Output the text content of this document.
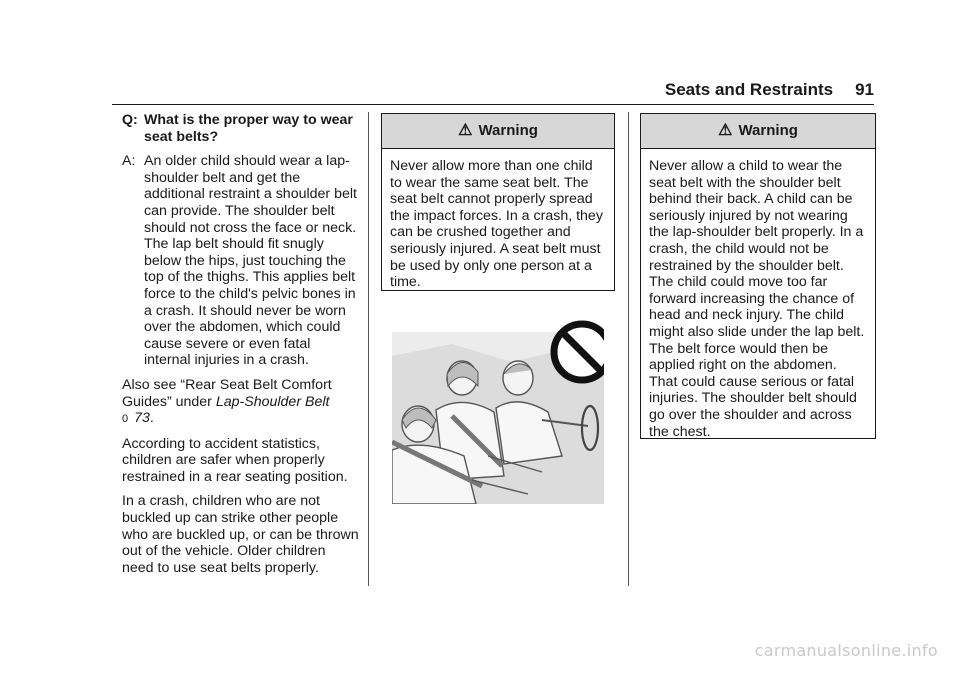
Seats and Restraints 91
Q: What is the proper way to wear seat belts?
A: An older child should wear a lap-shoulder belt and get the additional restraint a shoulder belt can provide. The shoulder belt should not cross the face or neck. The lap belt should fit snugly below the hips, just touching the top of the thighs. This applies belt force to the child's pelvic bones in a crash. It should never be worn over the abdomen, which could cause severe or even fatal internal injuries in a crash.

Also see “Rear Seat Belt Comfort Guides” under Lap-Shoulder Belt
0 73.

According to accident statistics, children are safer when properly restrained in a rear seating position.

In a crash, children who are not buckled up can strike other people who are buckled up, or can be thrown out of the vehicle. Older children need to use seat belts properly.

⚠ Warning
Never allow more than one child to wear the same seat belt. The seat belt cannot properly spread the impact forces. In a crash, they can be crushed together and seriously injured. A seat belt must be used by only one person at a time.
⚠ Warning
Never allow a child to wear the seat belt with the shoulder belt behind their back. A child can be seriously injured by not wearing the lap-shoulder belt properly. In a crash, the child would not be restrained by the shoulder belt. The child could move too far forward increasing the chance of head and neck injury. The child might also slide under the lap belt. The belt force would then be applied right on the abdomen. That could cause serious or fatal injuries. The shoulder belt should go over the shoulder and across the chest.
carmanualsonline.info
